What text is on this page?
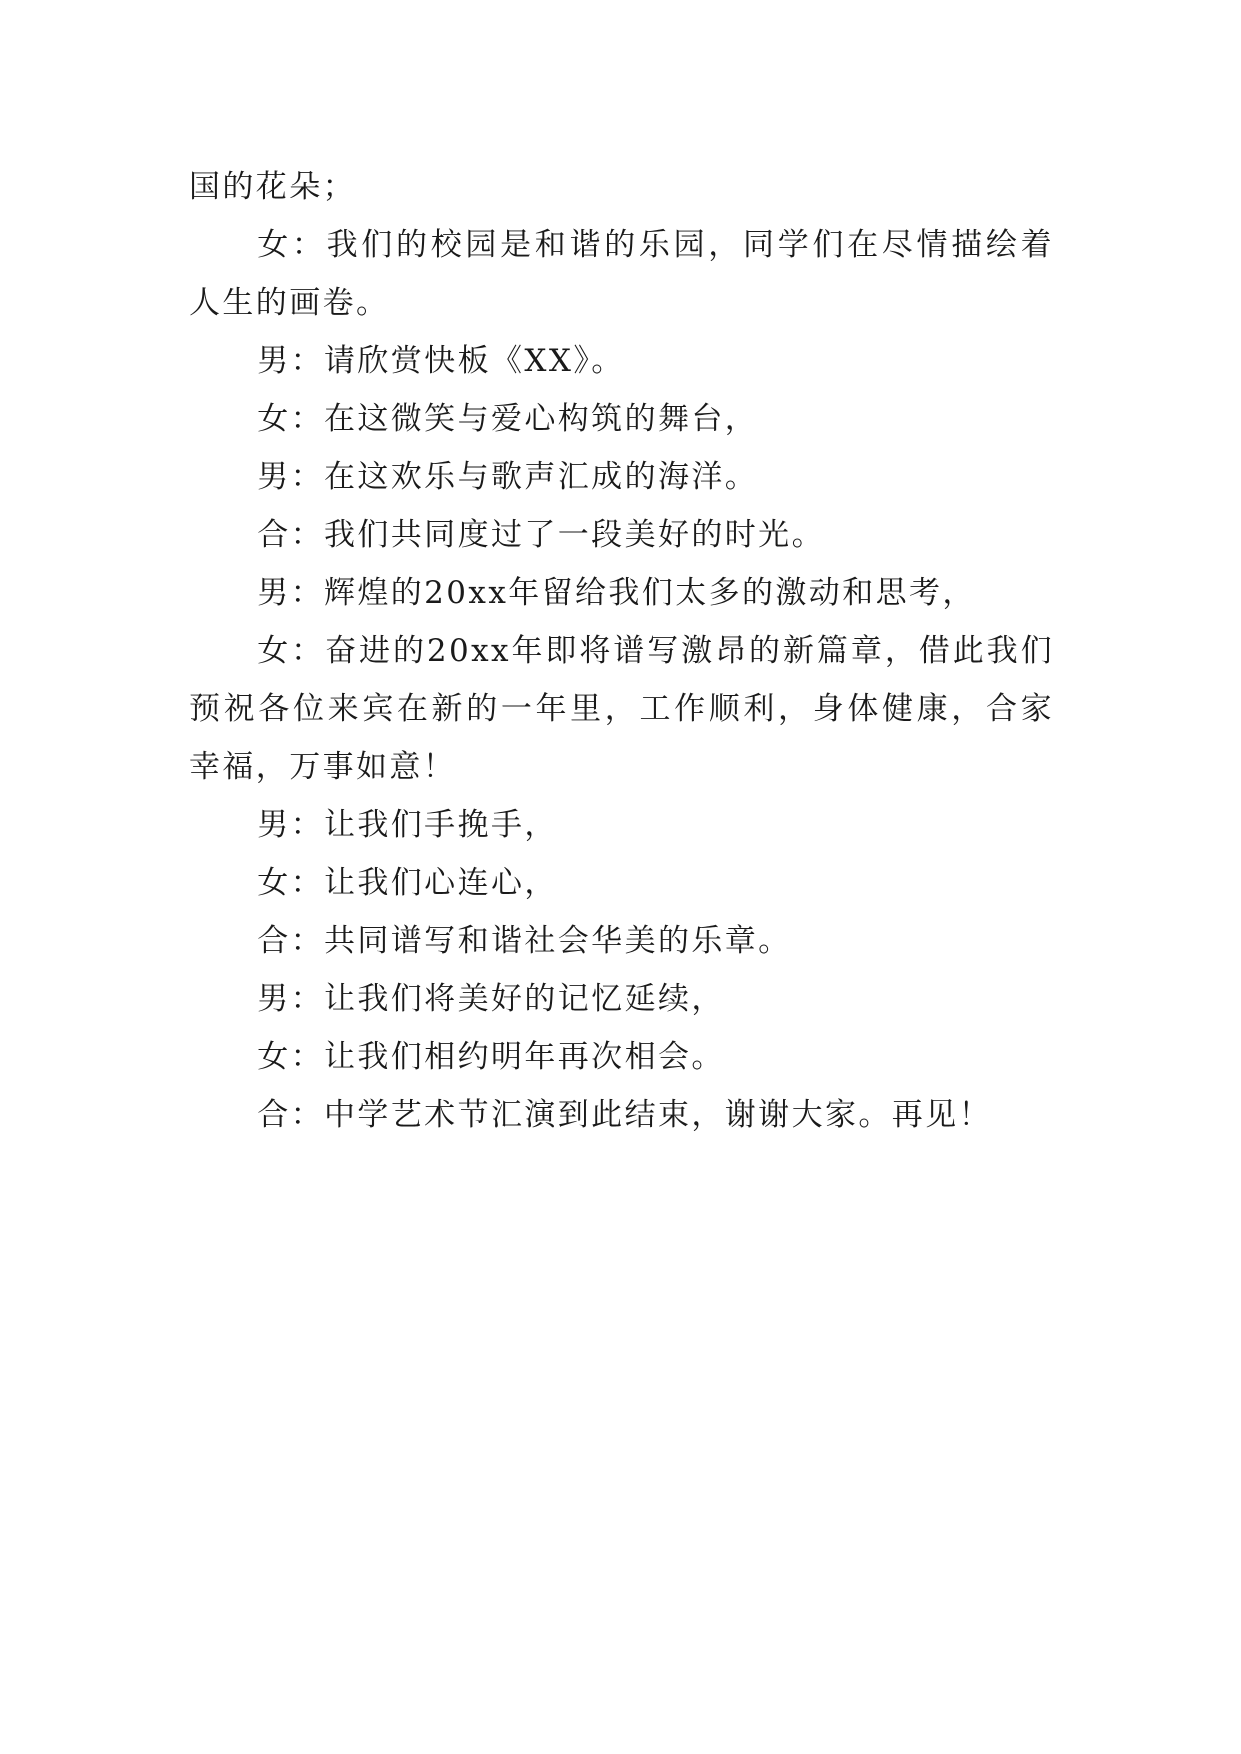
国的花朵；

女：我们的校园是和谐的乐园，同学们在尽情描绘着人生的画卷。

男：请欣赏快板《XX》。

女：在这微笑与爱心构筑的舞台，

男：在这欢乐与歌声汇成的海洋。

合：我们共同度过了一段美好的时光。

男：辉煌的20xx年留给我们太多的激动和思考，

女：奋进的20xx年即将谱写激昂的新篇章，借此我们预祝各位来宾在新的一年里，工作顺利，身体健康，合家幸福，万事如意！

男：让我们手挽手，

女：让我们心连心，

合：共同谱写和谐社会华美的乐章。

男：让我们将美好的记忆延续，

女：让我们相约明年再次相会。

合：中学艺术节汇演到此结束，谢谢大家。再见！
